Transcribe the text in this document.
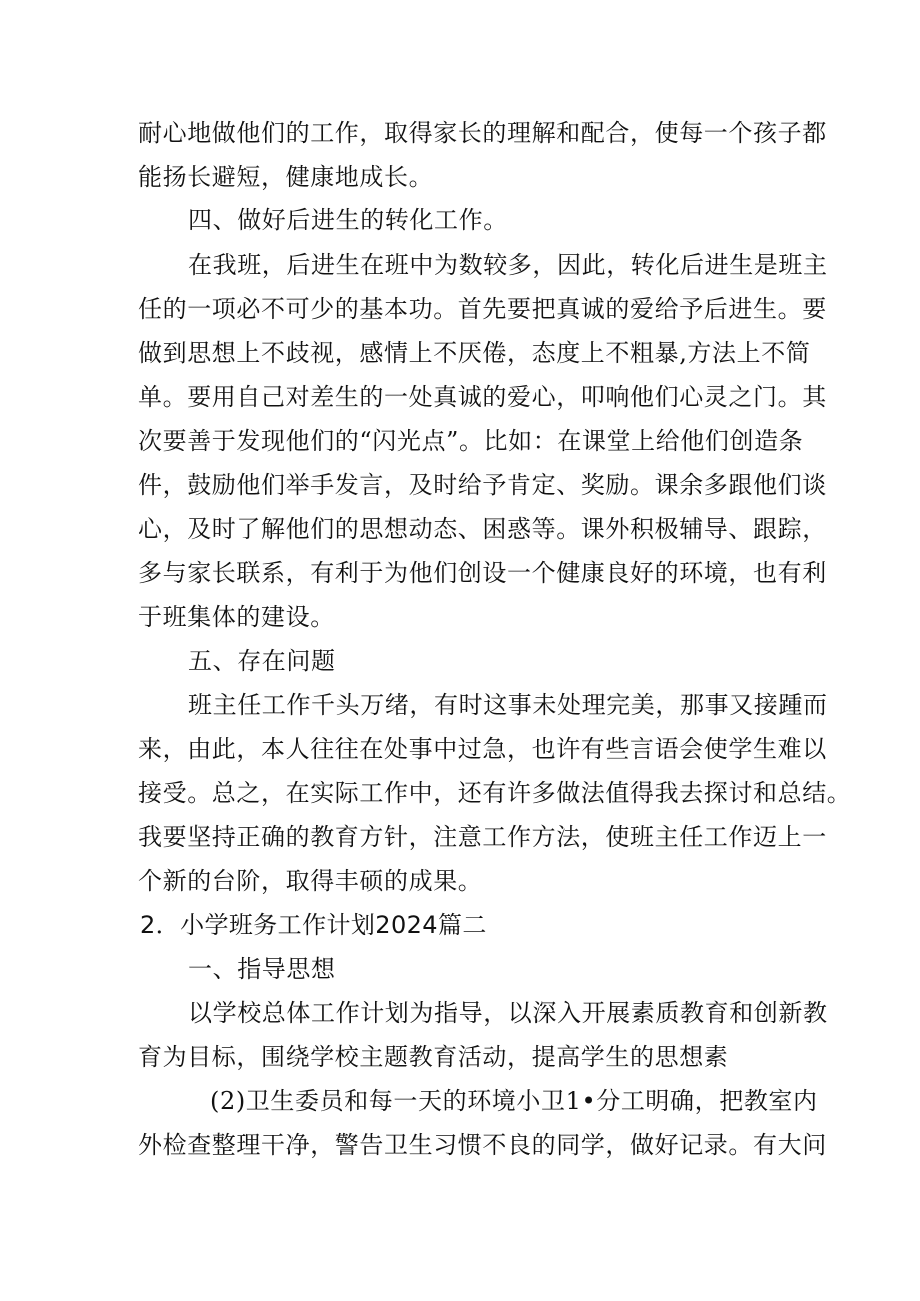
耐心地做他们的工作，取得家长的理解和配合，使每一个孩子都
能扬长避短，健康地成长。
四、做好后进生的转化工作。
在我班，后进生在班中为数较多，因此，转化后进生是班主
任的一项必不可少的基本功。首先要把真诚的爱给予后进生。要
做到思想上不歧视，感情上不厌倦，态度上不粗暴,方法上不简
单。要用自己对差生的一处真诚的爱心，叩响他们心灵之门。其
次要善于发现他们的“闪光点”。比如：在课堂上给他们创造条
件，鼓励他们举手发言，及时给予肯定、奖励。课余多跟他们谈
心，及时了解他们的思想动态、困惑等。课外积极辅导、跟踪，
多与家长联系，有利于为他们创设一个健康良好的环境，也有利
于班集体的建设。
五、存在问题
班主任工作千头万绪，有时这事未处理完美，那事又接踵而
来，由此，本人往往在处事中过急，也许有些言语会使学生难以
接受。总之，在实际工作中，还有许多做法值得我去探讨和总结。
我要坚持正确的教育方针，注意工作方法，使班主任工作迈上一
个新的台阶，取得丰硕的成果。
2．小学班务工作计划2024篇二
一、指导思想
以学校总体工作计划为指导，以深入开展素质教育和创新教
育为目标，围绕学校主题教育活动，提高学生的思想素
(2)卫生委员和每一天的环境小卫1•分工明确，把教室内
外检查整理干净，警告卫生习惯不良的同学，做好记录。有大问
